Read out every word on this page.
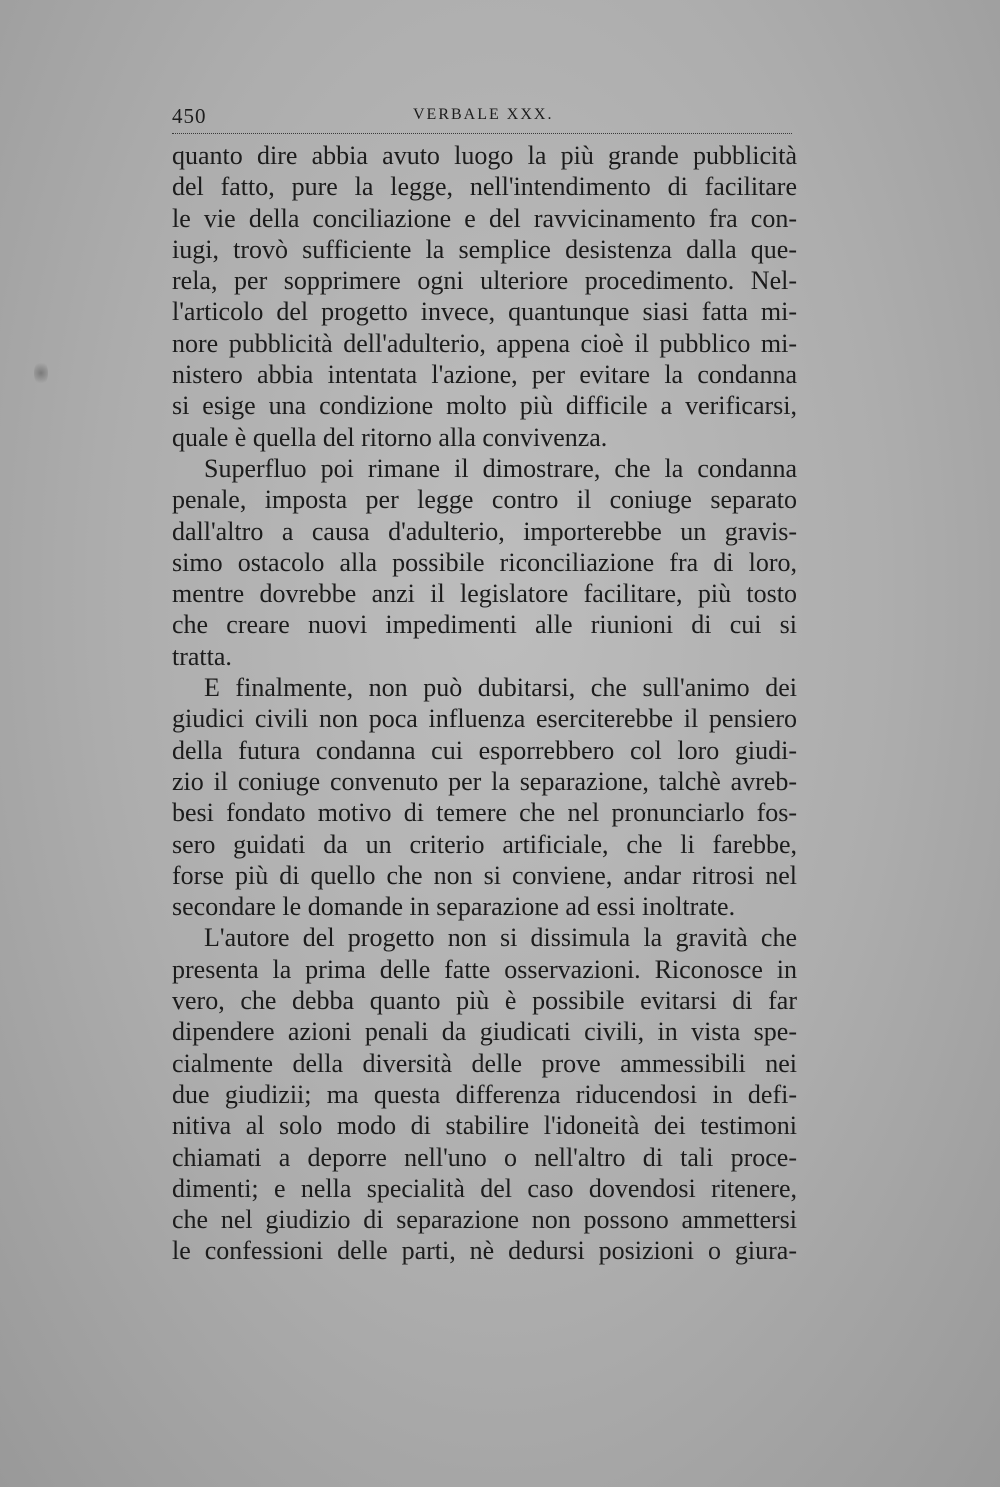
450	VERBALE XXX.
quanto dire abbia avuto luogo la più grande pubblicità
del fatto, pure la legge, nell'intendimento di facilitare
le vie della conciliazione e del ravvicinamento fra con-
iugi, trovò sufficiente la semplice desistenza dalla que-
rela, per sopprimere ogni ulteriore procedimento. Nel-
l'articolo del progetto invece, quantunque siasi fatta mi-
nore pubblicità dell'adulterio, appena cioè il pubblico mi-
nistero abbia intentata l'azione, per evitare la condanna
si esige una condizione molto più difficile a verificarsi,
quale è quella del ritorno alla convivenza.
Superfluo poi rimane il dimostrare, che la condanna
penale, imposta per legge contro il coniuge separato
dall'altro a causa d'adulterio, importerebbe un gravis-
simo ostacolo alla possibile riconciliazione fra di loro,
mentre dovrebbe anzi il legislatore facilitare, più tosto
che creare nuovi impedimenti alle riunioni di cui si
tratta.
E finalmente, non può dubitarsi, che sull'animo dei
giudici civili non poca influenza eserciterebbe il pensiero
della futura condanna cui esporrebbero col loro giudi-
zio il coniuge convenuto per la separazione, talchè avreb-
besi fondato motivo di temere che nel pronunciarlo fos-
sero guidati da un criterio artificiale, che li farebbe,
forse più di quello che non si conviene, andar ritrosi nel
secondare le domande in separazione ad essi inoltrate.
L'autore del progetto non si dissimula la gravità che
presenta la prima delle fatte osservazioni. Riconosce in
vero, che debba quanto più è possibile evitarsi di far
dipendere azioni penali da giudicati civili, in vista spe-
cialmente della diversità delle prove ammessibili nei
due giudizii; ma questa differenza riducendosi in defi-
nitiva al solo modo di stabilire l'idoneità dei testimoni
chiamati a deporre nell'uno o nell'altro di tali proce-
dimenti; e nella specialità del caso dovendosi ritenere,
che nel giudizio di separazione non possono ammettersi
le confessioni delle parti, nè dedursi posizioni o giura-
